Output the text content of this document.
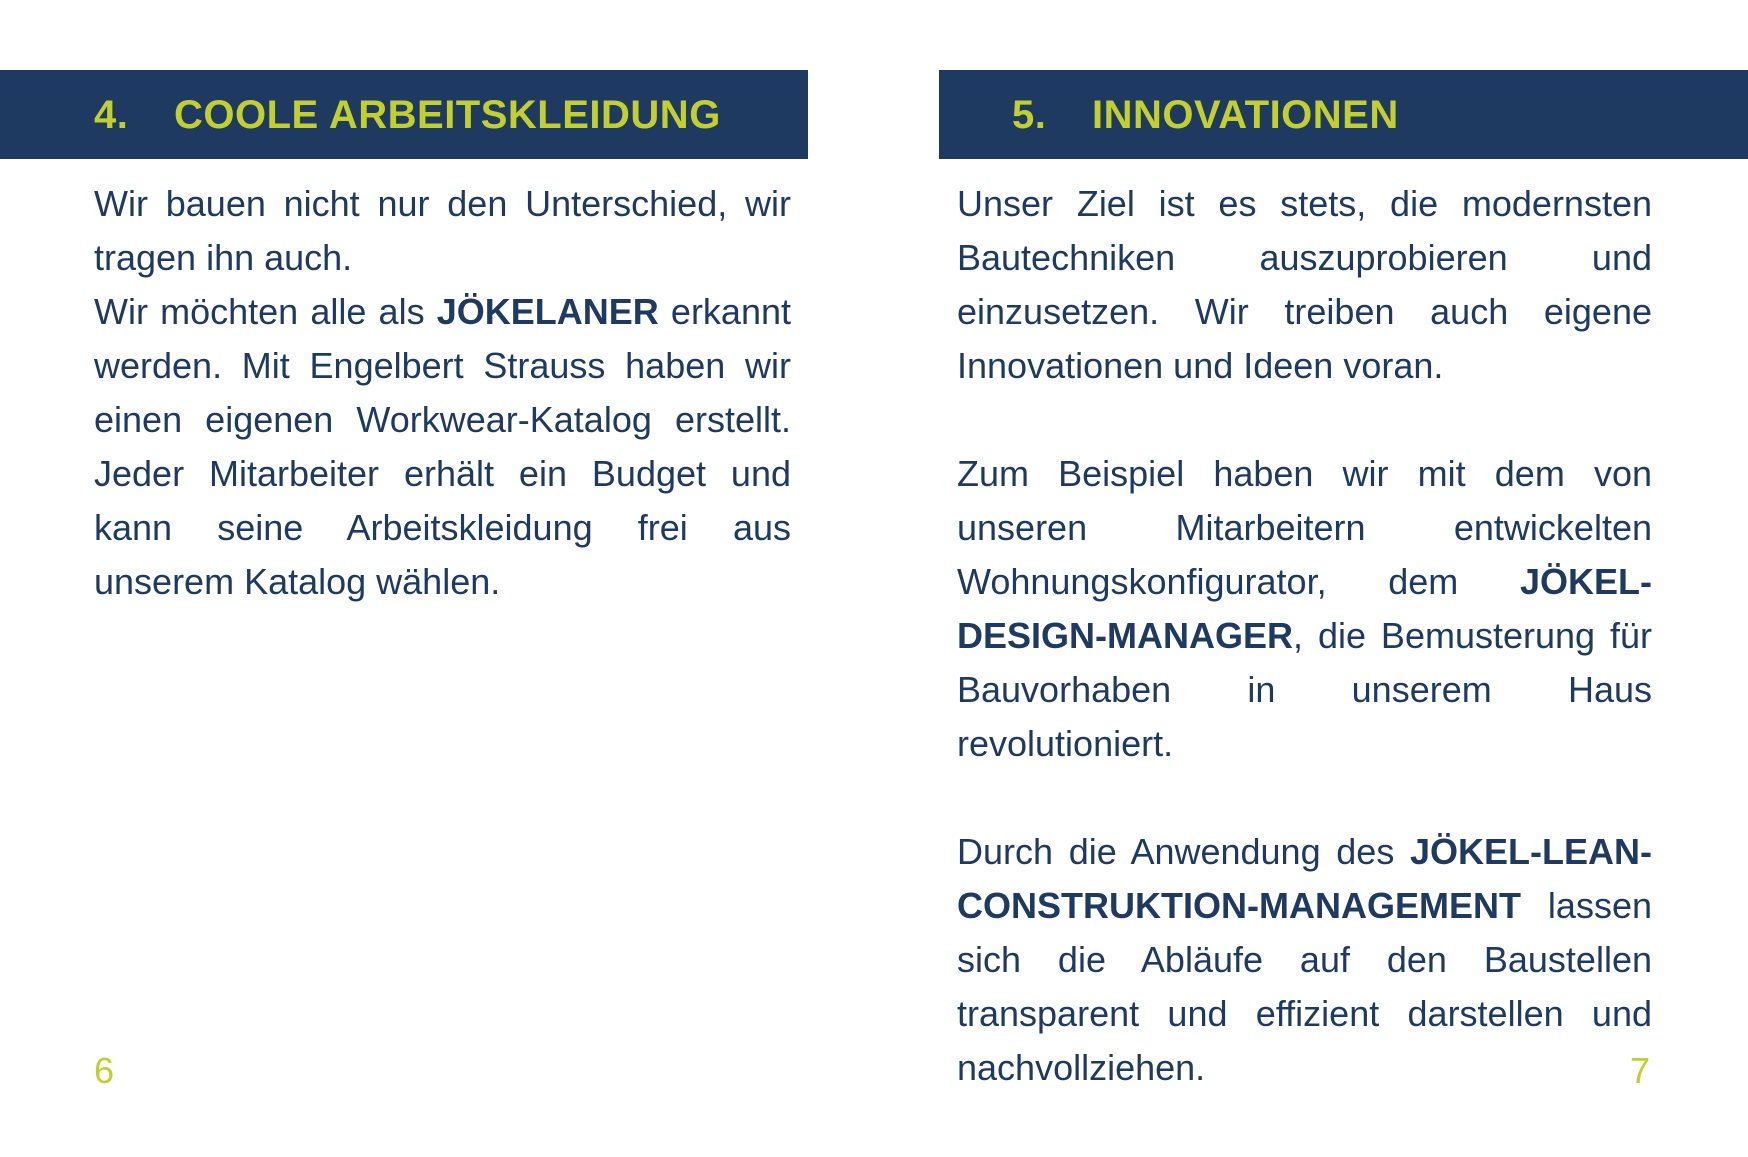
4.	COOLE ARBEITSKLEIDUNG	5.	INNOVATIONEN

Wir bauen nicht nur den Unterschied, wir tragen ihn auch.

Wir möchten alle als JÖKELANER erkannt werden. Mit Engelbert Strauss haben wir einen eigenen Workwear-Katalog erstellt. Jeder Mitarbeiter erhält ein Budget und kann seine Arbeitskleidung frei aus unserem Katalog wählen.

Unser Ziel ist es stets, die modernsten Bautechniken auszuprobieren und einzusetzen. Wir treiben auch eigene Innovationen und Ideen voran.

Zum Beispiel haben wir mit dem von unseren Mitarbeitern entwickelten Wohnungskonfigurator, dem JÖKEL-DESIGN-MANAGER, die Bemusterung für Bauvorhaben in unserem Haus revolutioniert.

Durch die Anwendung des JÖKEL-LEAN-CONSTRUKTION-MANAGEMENT lassen sich die Abläufe auf den Baustellen transparent und effizient darstellen und nachvollziehen.

6	7
